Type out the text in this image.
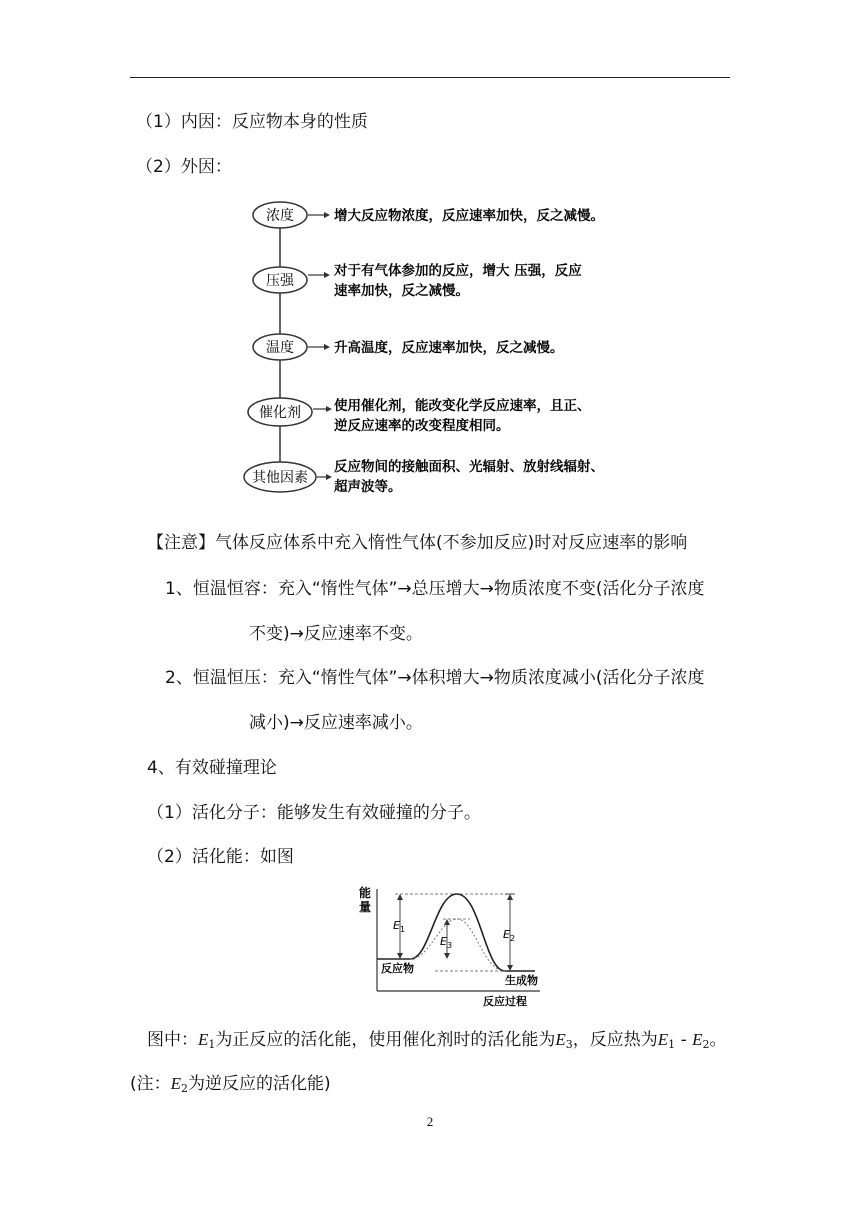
（1）内因：反应物本身的性质
（2）外因：
浓度	增大反应物浓度，反应速率加快，反之减慢。
压强
对于有气体参加的反应，增大 压强，反应
速率加快，反之减慢。
温度	升高温度，反应速率加快，反之减慢。
催化剂 使用催化剂，能改变化学反应速率，且正、
逆反应速率的改变程度相同。
其他因素
反应物间的接触面积、光辐射、放射线辐射、
超声波等。
【注意】气体反应体系中充入惰性气体(不参加反应)时对反应速率的影响
1、恒温恒容：充入“惰性气体”→总压增大→物质浓度不变(活化分子浓度
不变)→反应速率不变。
2、恒温恒压：充入“惰性气体”→体积增大→物质浓度减小(活化分子浓度
减小)→反应速率减小。
4、有效碰撞理论
（1）活化分子：能够发生有效碰撞的分子。
（2）活化能：如图
能
量
E 1
E 3
E 2
反应物
生成物
反应过程
图中：$E_1$为正反应的活化能，使用催化剂时的活化能为$E_3$，反应热为$E_1 - E_2$。
(注：$E_2$为逆反应的活化能)
2
